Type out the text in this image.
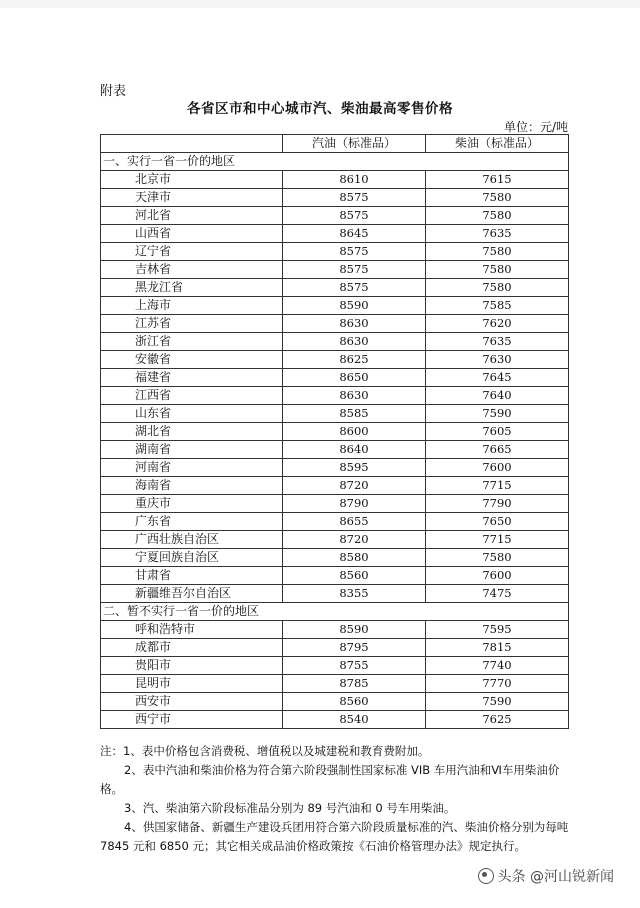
附表
各省区市和中心城市汽、柴油最高零售价格
单位：元/吨
	汽油（标准品）	柴油（标准品）
一、实行一省一价的地区		
北京市	8610	7615
天津市	8575	7580
河北省	8575	7580
山西省	8645	7635
辽宁省	8575	7580
吉林省	8575	7580
黑龙江省	8575	7580
上海市	8590	7585
江苏省	8630	7620
浙江省	8630	7635
安徽省	8625	7630
福建省	8650	7645
江西省	8630	7640
山东省	8585	7590
湖北省	8600	7605
湖南省	8640	7665
河南省	8595	7600
海南省	8720	7715
重庆市	8790	7790
广东省	8655	7650
广西壮族自治区	8720	7715
宁夏回族自治区	8580	7580
甘肃省	8560	7600
新疆维吾尔自治区	8355	7475
二、暂不实行一省一价的地区		
呼和浩特市	8590	7595
成都市	8795	7815
贵阳市	8755	7740
昆明市	8785	7770
西安市	8560	7590
西宁市	8540	7625

注：1、表中价格包含消费税、增值税以及城建税和教育费附加。

2、表中汽油和柴油价格为符合第六阶段强制性国家标准 VIB 车用汽油和Ⅵ车用柴油价格。

3、汽、柴油第六阶段标准品分别为 89 号汽油和 0 号车用柴油。

4、供国家储备、新疆生产建设兵团用符合第六阶段质量标准的汽、柴油价格分别为每吨 7845 元和 6850 元；其它相关成品油价格政策按《石油价格管理办法》规定执行。

头条 @河山锐新闻
